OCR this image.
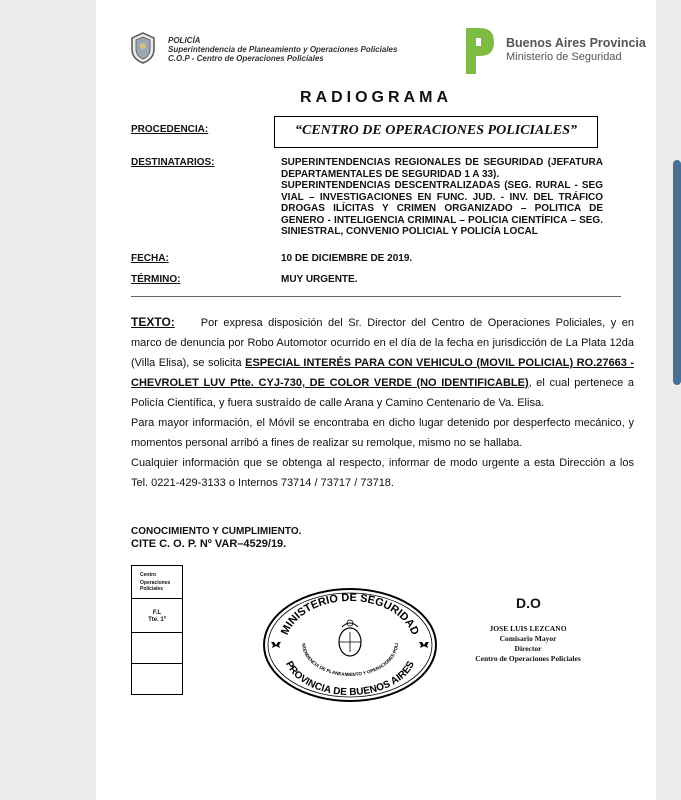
POLICÍA
Superintendencia de Planeamiento y Operaciones Policiales
C.O.P - Centro de Operaciones Policiales
Buenos Aires Provincia
Ministerio de Seguridad
RADIOGRAMA
PROCEDENCIA:	“CENTRO DE OPERACIONES POLICIALES”
DESTINATARIOS:	SUPERINTENDENCIAS REGIONALES DE SEGURIDAD (JEFATURA DEPARTAMENTALES DE SEGURIDAD 1 A 33).
SUPERINTENDENCIAS DESCENTRALIZADAS (SEG. RURAL - SEG VIAL – INVESTIGACIONES EN FUNC. JUD. - INV. DEL TRÁFICO DROGAS ILÍCITAS Y CRIMEN ORGANIZADO – POLITICA DE GENERO - INTELIGENCIA CRIMINAL – POLICIA CIENTÍFICA – SEG. SINIESTRAL, CONVENIO POLICIAL Y POLICÍA LOCAL
FECHA:	10 DE DICIEMBRE DE 2019.
TÉRMINO:	MUY URGENTE.

TEXTO: Por expresa disposición del Sr. Director del Centro de Operaciones Policiales, y en marco de denuncia por Robo Automotor ocurrido en el día de la fecha en jurisdicción de La Plata 12da (Villa Elisa), se solicita ESPECIAL INTERÉS PARA CON VEHICULO (MOVIL POLICIAL) RO.27663 - CHEVROLET LUV Ptte. CYJ-730, DE COLOR VERDE (NO IDENTIFICABLE), el cual pertenece a Policía Científica, y fuera sustraído de calle Arana y Camino Centenario de Va. Elisa.

Para mayor información, el Móvil se encontraba en dicho lugar detenido por desperfecto mecánico, y momentos personal arribó a fines de realizar su remolque, mismo no se hallaba.

Cualquier información que se obtenga al respecto, informar de modo urgente a esta Dirección a los Tel. 0221-429-3133 o Internos 73714 / 73717 / 73718.

CONOCIMIENTO Y CUMPLIMIENTO.
CITE C. O. P. Nº VAR–4529/19.
Centro
Operaciones
Policiales
F.L
Tte. 1º
MINISTERIO DE SEGURIDAD
NTENDENCIA DE PLANEAMIENTO Y OPERACIONES POLI
PROVINCIA DE BUENOS AIRES
D.O
JOSE LUIS LEZCANO
Comisario Mayor
Director
Centro de Operaciones Policiales
